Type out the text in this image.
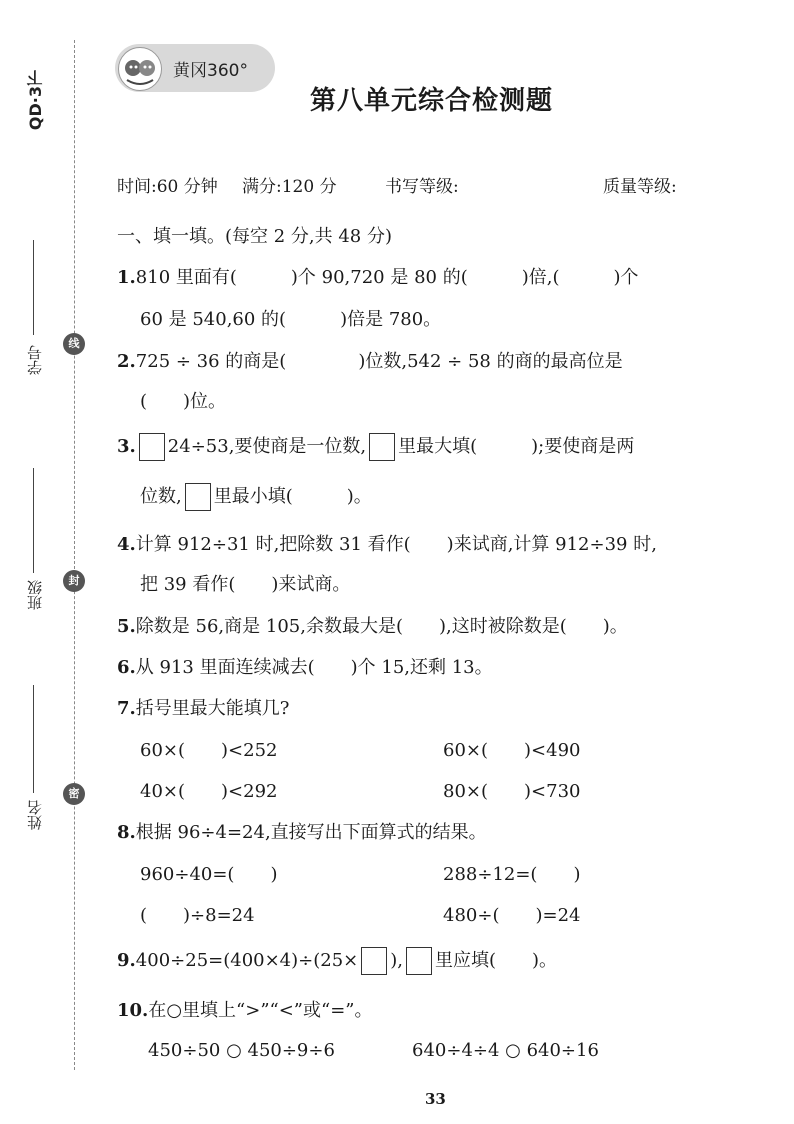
QD·3下
学号
班级
姓名
线
封
密
黄冈360°
第八单元综合检测题
时间:60 分钟 满分:120 分	书写等级:	质量等级:
一、填一填。(每空 2 分,共 48 分)
1.810 里面有(　　　)个 90,720 是 80 的(　　　)倍,(　　　)个
60 是 540,60 的(　　　)倍是 780。
2.725 ÷ 36 的商是(　　　　)位数,542 ÷ 58 的商的最高位是
(　　)位。
3. 24÷53,要使商是一位数, 里最大填(　　　);要使商是两
位数, 里最小填(　　　)。
4.计算 912÷31 时,把除数 31 看作(　　)来试商,计算 912÷39 时,
把 39 看作(　　)来试商。
5.除数是 56,商是 105,余数最大是(　　),这时被除数是(　　)。
6.从 913 里面连续减去(　　)个 15,还剩 13。
7.括号里最大能填几?
60×(　　)<252	60×(　　)<490
40×(　　)<292	80×(　　)<730
8.根据 96÷4=24,直接写出下面算式的结果。
960÷40=(　　)	288÷12=(　　)
(　　)÷8=24	480÷(　　)=24
9.400÷25=(400×4)÷(25× ), 里应填(　　)。
10.在○里填上“>”“<”或“=”。
450÷50 ○ 450÷9÷6	640÷4÷4 ○ 640÷16
33
